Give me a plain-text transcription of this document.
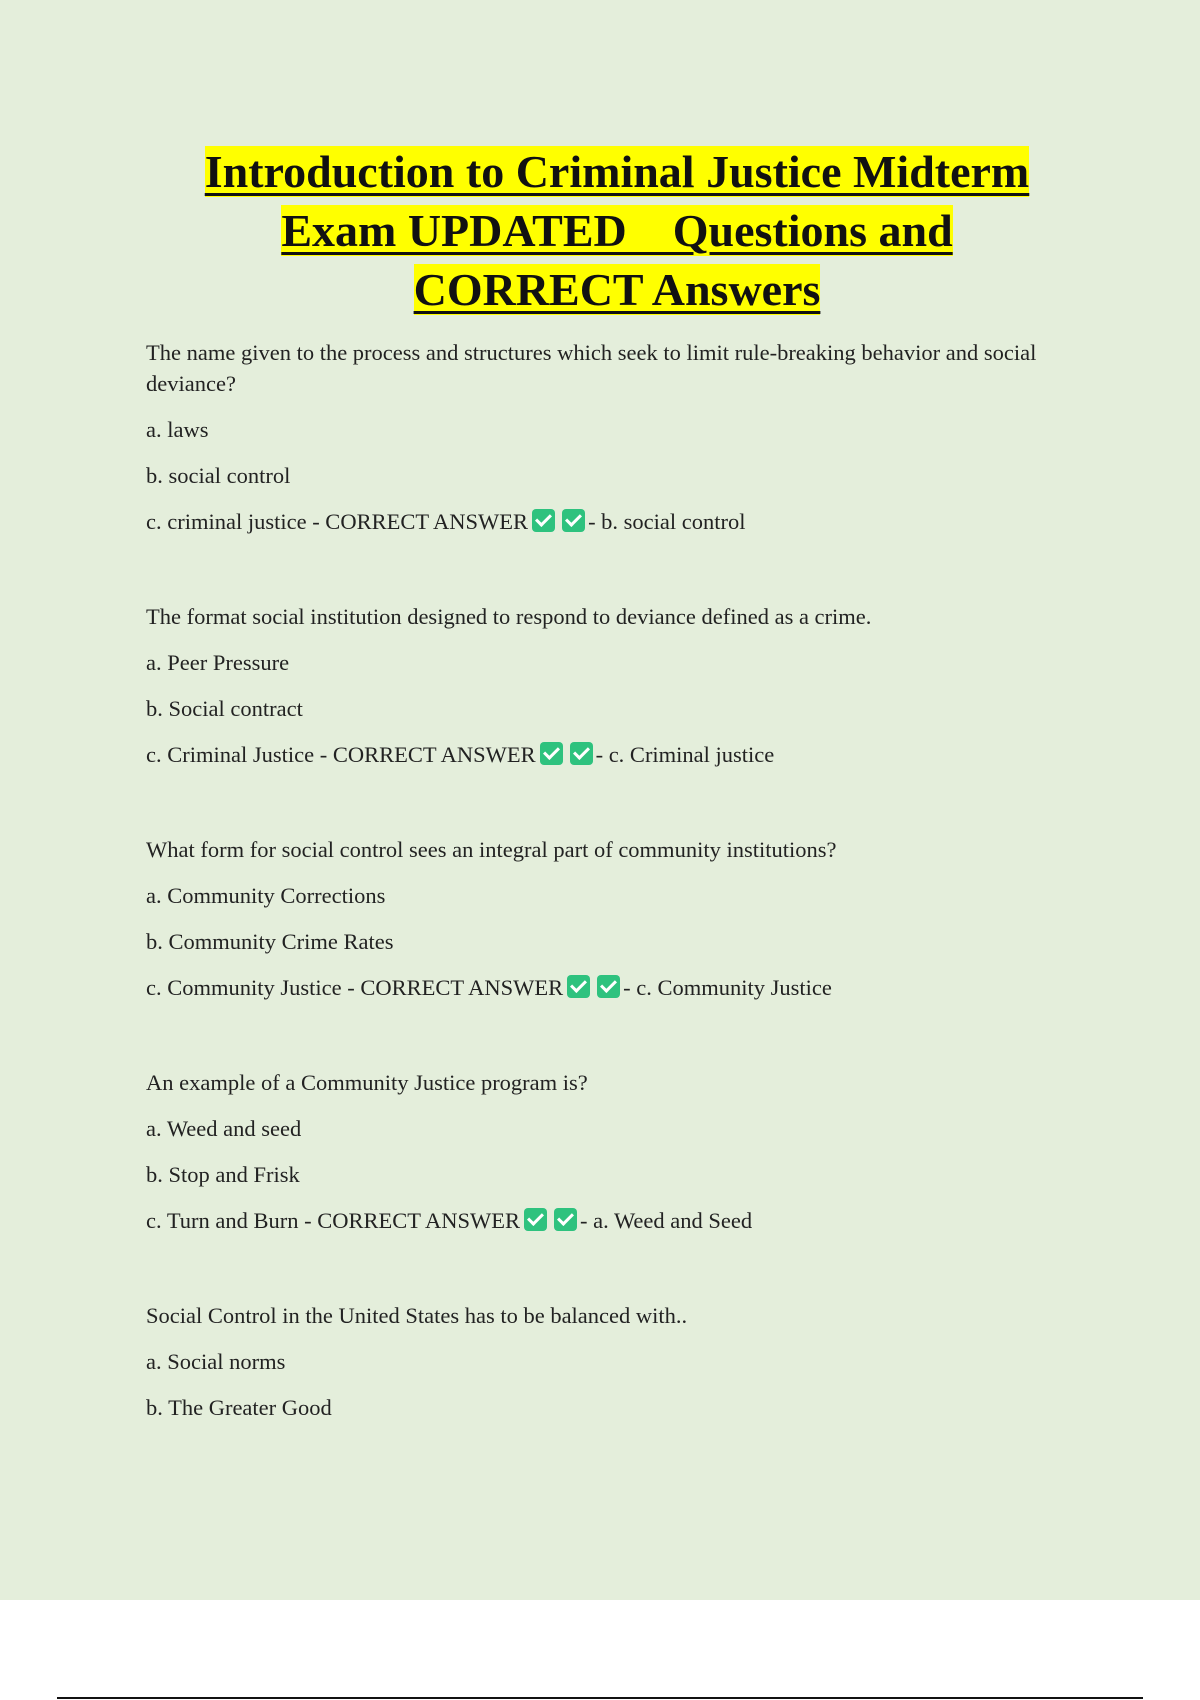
Introduction to Criminal Justice Midterm
Exam UPDATED    Questions and
CORRECT Answers
The name given to the process and structures which seek to limit rule-breaking behavior and social deviance?
a. laws
b. social control
c. criminal justice - CORRECT ANSWER	- b. social control
The format social institution designed to respond to deviance defined as a crime.
a. Peer Pressure
b. Social contract
c. Criminal Justice - CORRECT ANSWER	- c. Criminal justice
What form for social control sees an integral part of community institutions?
a. Community Corrections
b. Community Crime Rates
c. Community Justice - CORRECT ANSWER	- c. Community Justice
An example of a Community Justice program is?
a. Weed and seed
b. Stop and Frisk
c. Turn and Burn - CORRECT ANSWER	- a. Weed and Seed
Social Control in the United States has to be balanced with..
a. Social norms
b. The Greater Good
